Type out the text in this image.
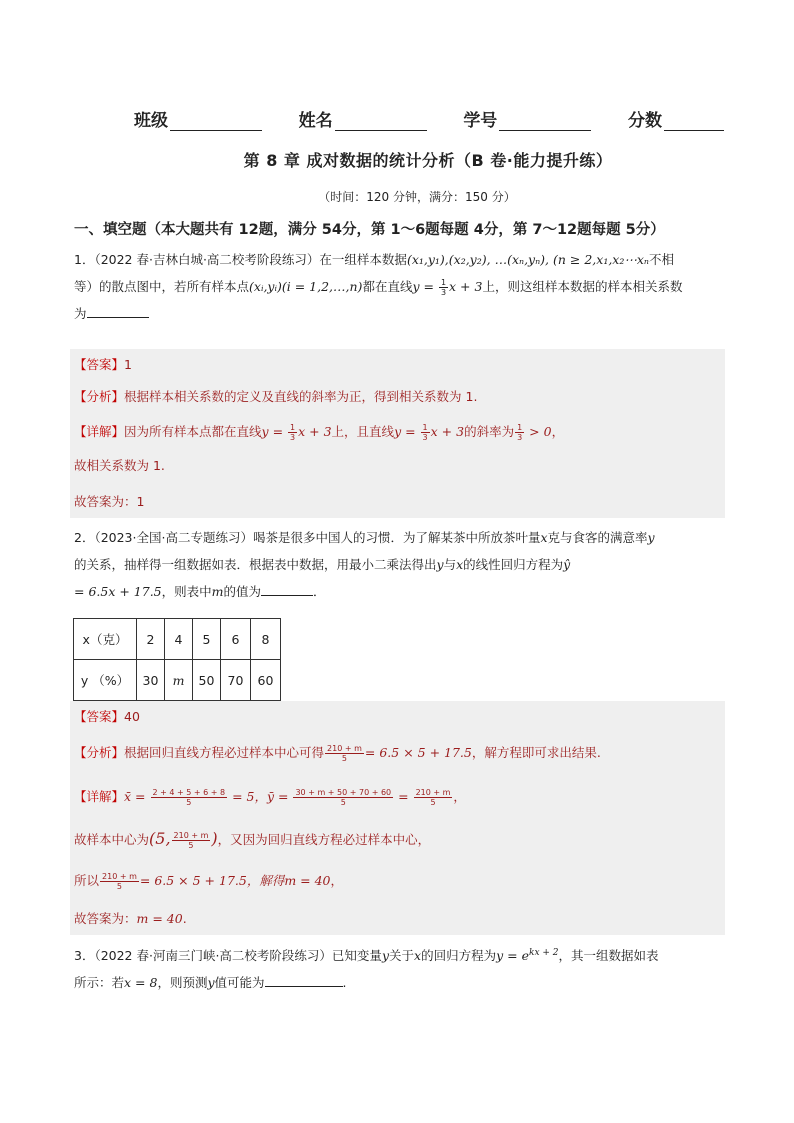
班级	姓名	学号	分数
第 8 章 成对数据的统计分析（B 卷·能力提升练）
（时间：120 分钟，满分：150 分）
一、填空题（本大题共有 12题，满分 54分，第 1～6题每题 4分，第 7～12题每题 5分）
1．（2022 春·吉林白城·高二校考阶段练习）在一组样本数据(x₁,y₁),(x₂,y₂), …(xₙ,yₙ), (n ≥ 2,x₁,x₂⋯xₙ不相
等）的散点图中，若所有样本点(xᵢ,yᵢ)(i = 1,2,…,n)都在直线$y = \frac{1}{3}$ x + 3上，则这组样本数据的样本相关系数
为
【答案】1
【分析】根据样本相关系数的定义及直线的斜率为正，得到相关系数为 1.
【详解】因为所有样本点都在直线$y = \frac{1}{3}$ x + 3上，且直线$y = \frac{1}{3}$ x + 3的斜率为 $\frac{1}{3} > 0$，
故相关系数为 1.
故答案为：1
2．（2023·全国·高二专题练习）喝茶是很多中国人的习惯．为了解某茶中所放茶叶量x克与食客的满意率y
的关系，抽样得一组数据如表．根据表中数据，用最小二乘法得出y与x的线性回归方程为ŷ
= 6.5x + 17.5，则表中m的值为	．
x（克）	2	4	5	6	8
y （%）	30	m	50	70	60
【答案】40
【分析】根据回归直线方程必过样本中心可得 $\frac{210 + m}{5} = 6.5 \times 5 + 17.5$，解方程即可求出结果.
【详解】x̄ = $\frac{2 + 4 + 5 + 6 + 8}{5} = 5$，ȳ = $\frac{30 + m + 50 + 70 + 60}{5} = \frac{210 + m}{5}$ ，
故样本中心为(5, $\frac{210 + m}{5}$ )，又因为回归直线方程必过样本中心，
所以 $\frac{210 + m}{5} = 6.5 \times 5 + 17.5$，解得m = 40，
故答案为：m = 40.
3．（2022 春·河南三门峡·高二校考阶段练习）已知变量y关于x的回归方程为$y = e^{kx + 2}$，其一组数据如表
所示：若x = 8，则预测y值可能为	.
